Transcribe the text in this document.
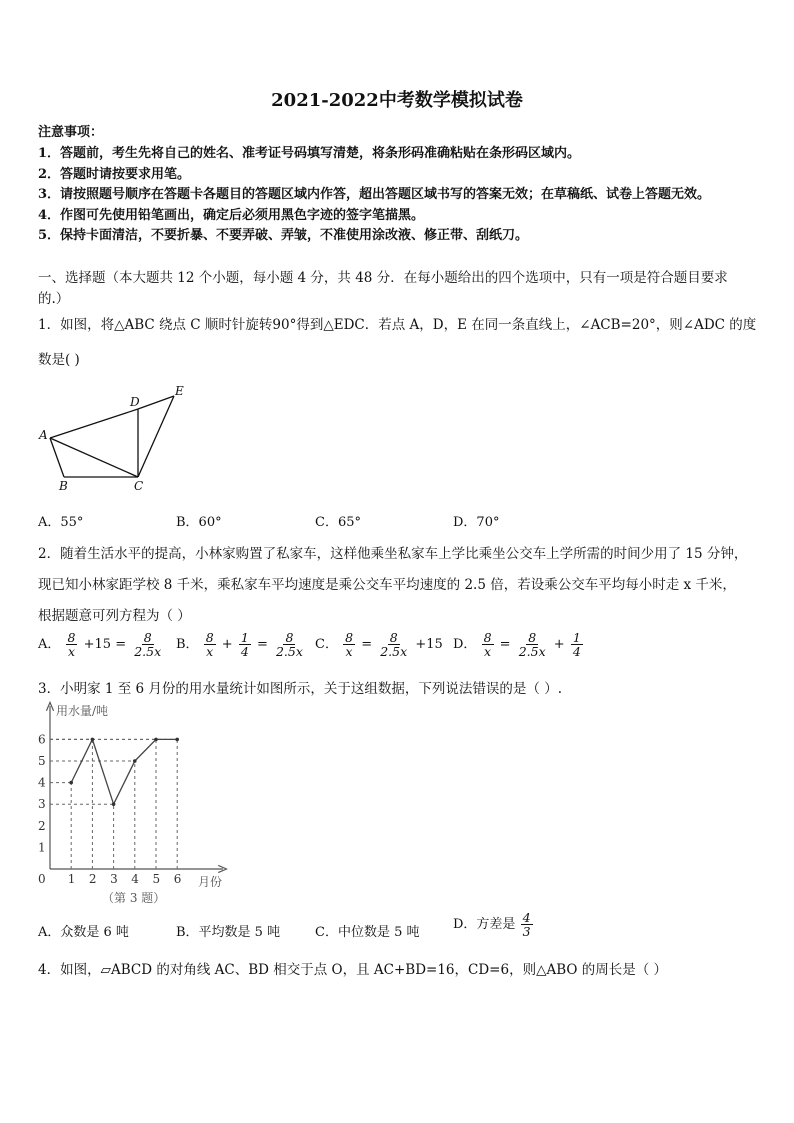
2021-2022中考数学模拟试卷
注意事项：
1．答题前，考生先将自己的姓名、准考证号码填写清楚，将条形码准确粘贴在条形码区域内。
2．答题时请按要求用笔。
3．请按照题号顺序在答题卡各题目的答题区域内作答，超出答题区域书写的答案无效；在草稿纸、试卷上答题无效。
4．作图可先使用铅笔画出，确定后必须用黑色字迹的签字笔描黑。
5．保持卡面清洁，不要折暴、不要弄破、弄皱，不准使用涂改液、修正带、刮纸刀。
一、选择题（本大题共 12 个小题，每小题 4 分，共 48 分．在每小题给出的四个选项中，只有一项是符合题目要求
的.）
1．如图，将△ABC 绕点 C 顺时针旋转90°得到△EDC．若点 A，D，E 在同一条直线上，∠ACB=20°，则∠ADC 的度
数是( )
A
B	C
D
E
A．55°	B．60°	C．65°	D．70°
2．随着生活水平的提高，小林家购置了私家车，这样他乘坐私家车上学比乘坐公交车上学所需的时间少用了 15 分钟，
现已知小林家距学校 8 千米，乘私家车平均速度是乘公交车平均速度的 2.5 倍，若设乘公交车平均每小时走 x 千米，
根据题意可列方程为（ ）
A． $\frac{8}{x} +15 = \frac{8}{2.5x}$ B． $\frac{8}{x} + \frac{1}{4} = \frac{8}{2.5x}$ C． $\frac{8}{x} = \frac{8}{2.5x} +15$ D． $\frac{8}{x} = \frac{8}{2.5x} + \frac{1}{4}$
3．小明家 1 至 6 月份的用水量统计如图所示，关于这组数据，下列说法错误的是（ ）.
0 1 2 3 4 5 6
1
2
3
4
5
6
用水量/吨
月份
（第 3 题）
A．众数是 6 吨	B．平均数是 5 吨	C．中位数是 5 吨
D．方差是 $\frac{4}{3}$
4．如图，▱ABCD 的对角线 AC、BD 相交于点 O，且 AC+BD=16，CD=6，则△ABO 的周长是（ ）
